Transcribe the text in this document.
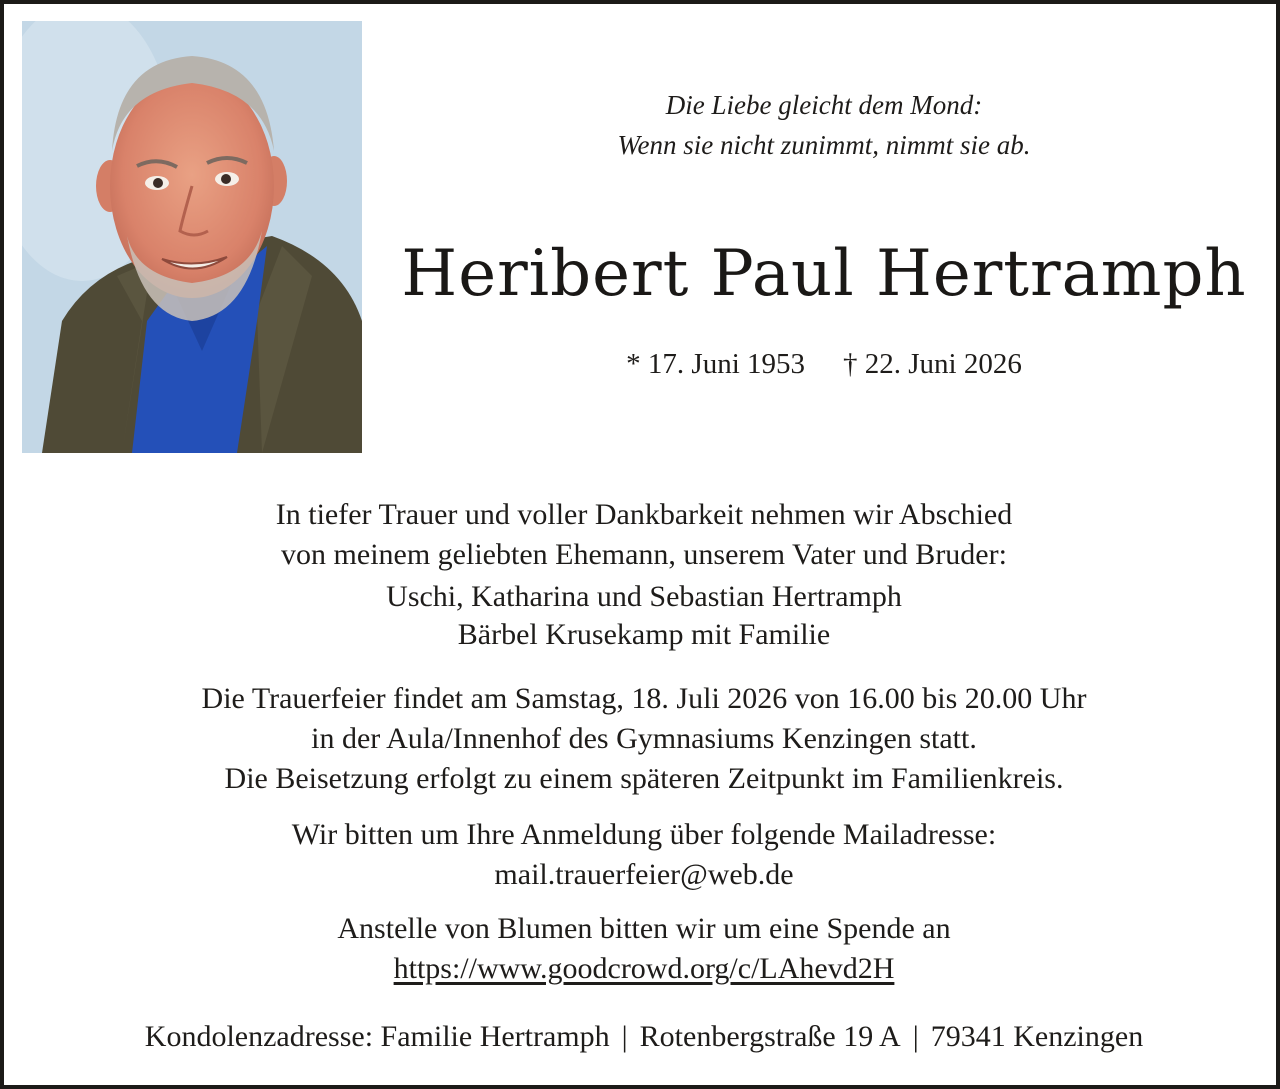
Die Liebe gleicht dem Mond:
Wenn sie nicht zunimmt, nimmt sie ab.
Heribert Paul Hertramph
* 17. Juni 1953 † 22. Juni 2026
In tiefer Trauer und voller Dankbarkeit nehmen wir Abschied
von meinem geliebten Ehemann, unserem Vater und Bruder:
Uschi, Katharina und Sebastian Hertramph
Bärbel Krusekamp mit Familie
Die Trauerfeier findet am Samstag, 18. Juli 2026 von 16.00 bis 20.00 Uhr
in der Aula/Innenhof des Gymnasiums Kenzingen statt.
Die Beisetzung erfolgt zu einem späteren Zeitpunkt im Familienkreis.
Wir bitten um Ihre Anmeldung über folgende Mailadresse:
mail.trauerfeier@web.de
Anstelle von Blumen bitten wir um eine Spende an
https://www.goodcrowd.org/c/LAhevd2H
Kondolenzadresse: Familie Hertramph | Rotenbergstraße 19 A | 79341 Kenzingen
